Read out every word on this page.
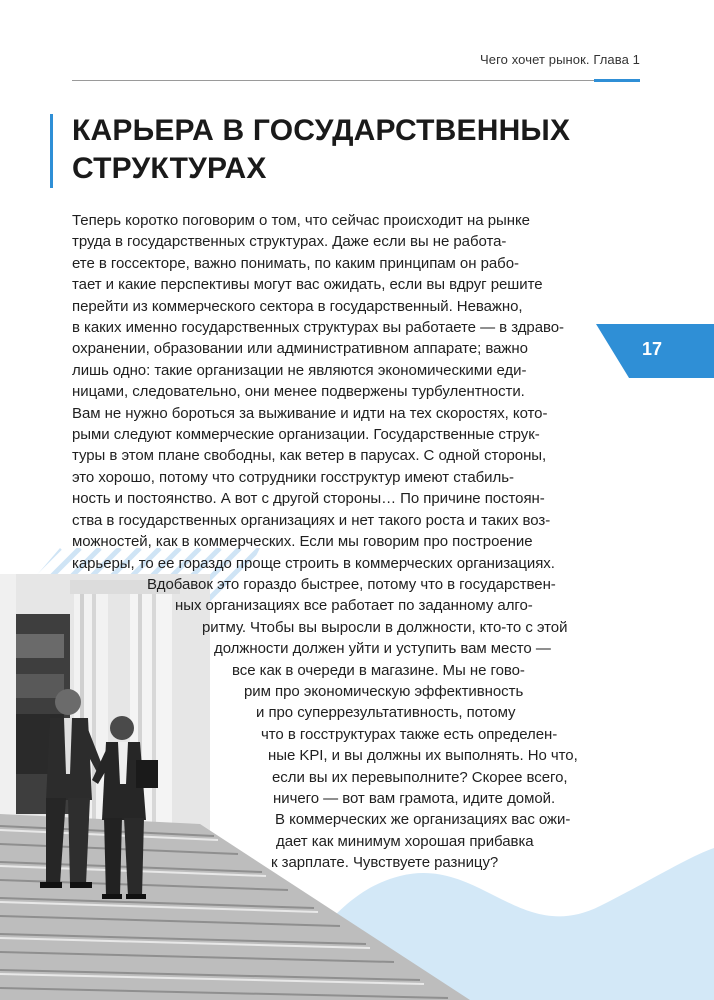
Чего хочет рынок. Глава 1
КАРЬЕРА В ГОСУДАРСТВЕННЫХ
СТРУКТУРАХ
17
Теперь коротко поговорим о том, что сейчас происходит на рынке
труда в государственных структурах. Даже если вы не работа-
ете в госсекторе, важно понимать, по каким принципам он рабо-
тает и какие перспективы могут вас ожидать, если вы вдруг решите
перейти из коммерческого сектора в государственный. Неважно,
в каких именно государственных структурах вы работаете — в здраво-
охранении, образовании или административном аппарате; важно
лишь одно: такие организации не являются экономическими еди-
ницами, следовательно, они менее подвержены турбулентности.
Вам не нужно бороться за выживание и идти на тех скоростях, кото-
рыми следуют коммерческие организации. Государственные струк-
туры в этом плане свободны, как ветер в парусах. С одной стороны,
это хорошо, потому что сотрудники госструктур имеют стабиль-
ность и постоянство. А вот с другой стороны… По причине постоян-
ства в государственных организациях и нет такого роста и таких воз-
можностей, как в коммерческих. Если мы говорим про построение
карьеры, то ее гораздо проще строить в коммерческих организациях.
Вдобавок это гораздо быстрее, потому что в государствен-
ных организациях все работает по заданному алго-
ритму. Чтобы вы выросли в должности, кто-то с этой
должности должен уйти и уступить вам место —
все как в очереди в магазине. Мы не гово-
рим про экономическую эффективность
и про суперрезультативность, потому
что в госструктурах также есть определен-
ные KPI, и вы должны их выполнять. Но что,
если вы их перевыполните? Скорее всего,
ничего — вот вам грамота, идите домой.
В коммерческих же организациях вас ожи-
дает как минимум хорошая прибавка
к зарплате. Чувствуете разницу?
